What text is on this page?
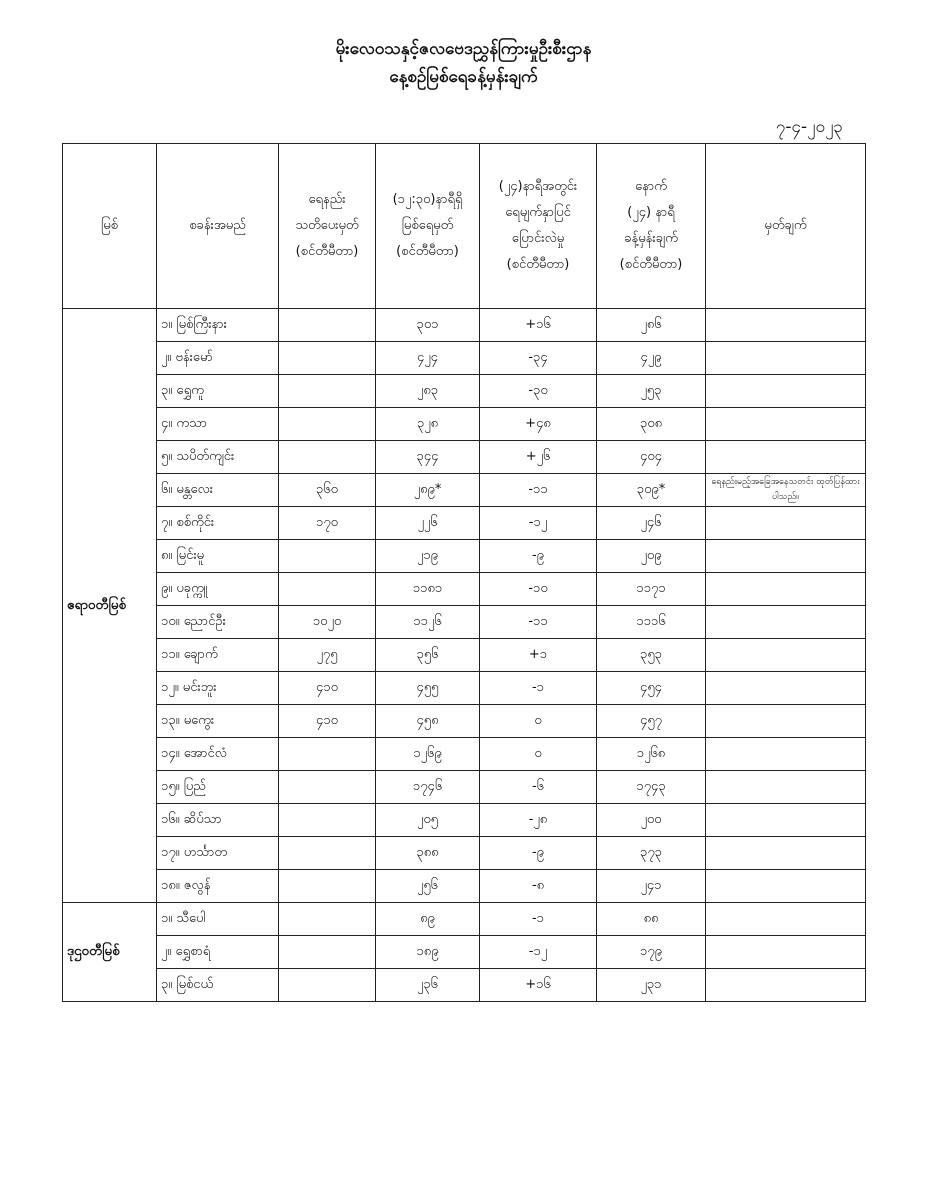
မိုးလေဝသနှင့်ဇလဗေဒညွှန်ကြားမှုဦးစီးဌာန
နေ့စဉ်မြစ်ရေခန့်မှန်းချက်
၇-၄-၂၀၂၃
မြစ်	စခန်းအမည်	ရေနည်း
သတိပေးမှတ်
(စင်တီမီတာ)	(၁၂:၃၀)နာရီရှိ
မြစ်ရေမှတ်
(စင်တီမီတာ)	(၂၄)နာရီအတွင်း
ရေမျက်နှာပြင်
ပြောင်းလဲမှု
(စင်တီမီတာ)	နောက်
(၂၄) နာရီ
ခန့်မှန်းချက်
(စင်တီမီတာ)	မှတ်ချက်
ဧရာဝတီမြစ်	၁။ မြစ်ကြီးနား		၃၀၁	+၁၆	၂၈၆	
	၂။ ဗန်းမော်		၄၂၄	-၃၄	၄၂၉	
	၃။ ရွှေကူ		၂၈၃	-၃၀	၂၅၃	
	၄။ ကသာ		၃၂၈	+၄၈	၃၀၈	
	၅။ သပိတ်ကျင်း		၃၄၄	+၂၆	၄၀၄	
	၆။ မန္တလေး	၃၆၀	၂၈၉*	-၁၁	၃၀၉*	ရေနည်းမည့်အခြေအနေသတင်း ထုတ်ပြန်ထားပါသည်။
	၇။ စစ်ကိုင်း	၁၇၀	၂၂၆	-၁၂	၂၄၆	
	၈။ မြင်းမူ		၂၁၉	-၉	၂၀၉	
	၉။ ပခုက္ကူ		၁၁၈၁	-၁၀	၁၁၇၁	
	၁၀။ ညောင်ဦး	၁၀၂၀	၁၁၂၆	-၁၁	၁၁၁၆	
	၁၁။ ချောက်	၂၇၅	၃၅၆	+၁	၃၅၃	
	၁၂။ မင်းဘူး	၄၁၀	၄၅၅	-၁	၄၅၄	
	၁၃။ မကွေး	၄၁၀	၄၅၈	၀	၄၅၇	
	၁၄။ အောင်လံ		၁၂၆၉	၀	၁၂၆၈	
	၁၅။ ပြည်		၁၇၄၆	-၆	၁၇၄၃	
	၁၆။ ဆိပ်သာ		၂၀၅	-၂၈	၂၀၀	
	၁၇။ ဟင်္သာတ		၃၈၈	-၉	၃၇၃	
	၁၈။ ဇလွန်		၂၅၆	-၈	၂၄၁	
ဒုဌဝတီမြစ်	၁။ သီပေါ		၈၉	-၁	၈၈	
	၂။ ရွှေစာရံ		၁၈၉	-၁၂	၁၇၉	
	၃။ မြစ်ငယ်		၂၃၆	+၁၆	၂၃၁	
